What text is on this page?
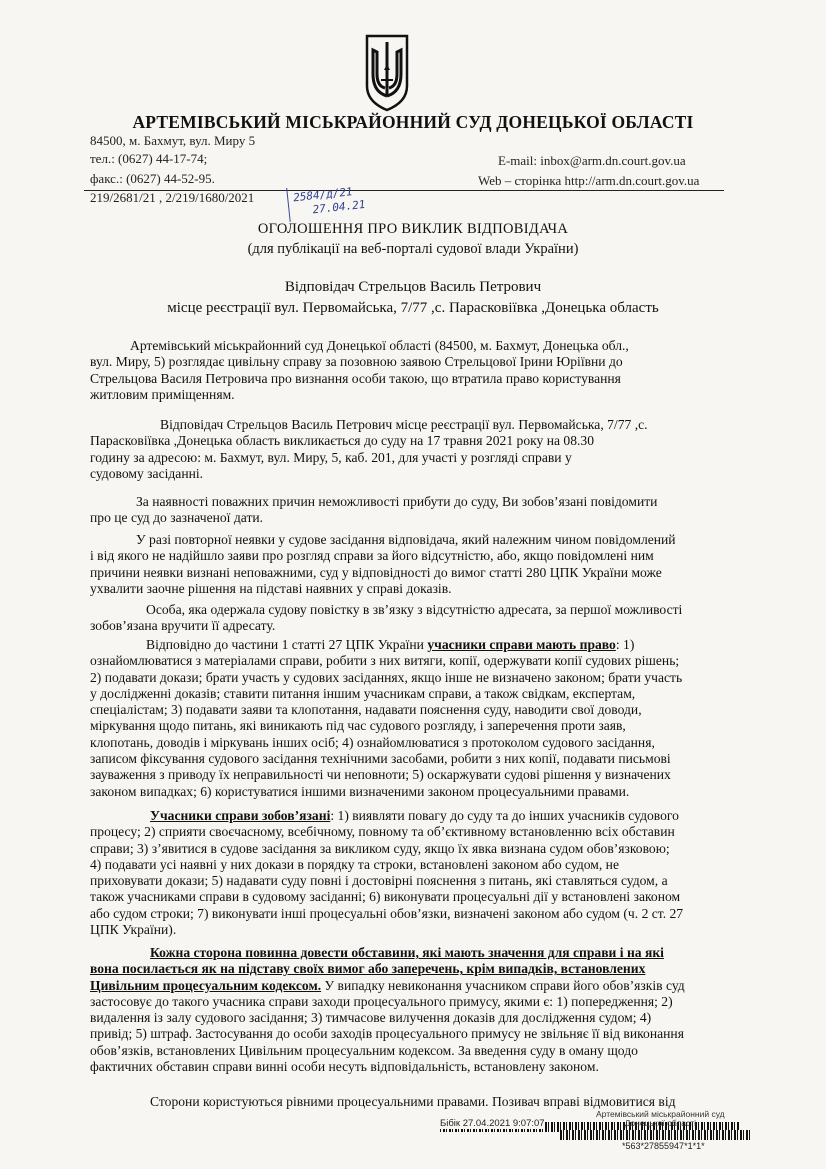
АРТЕМІВСЬКИЙ МІСЬКРАЙОННИЙ СУД ДОНЕЦЬКОЇ ОБЛАСТІ
84500, м. Бахмут, вул. Миру 5
тел.: (0627) 44-17-74;
факс.: (0627) 44-52-95.
E-mail: inbox@arm.dn.court.gov.ua
Web – сторінка http://arm.dn.court.gov.ua
219/2681/21 , 2/219/1680/2021	2584/д/21
27.04.21
ОГОЛОШЕННЯ ПРО ВИКЛИК ВІДПОВІДАЧА
(для публікації на веб-порталі судової влади України)
Відповідач Стрельцов Василь Петрович
місце реєстрації вул. Первомайська, 7/77 ,с. Парасковіївка ,Донецька область
Артемівський міськрайонний суд Донецької області (84500, м. Бахмут, Донецька обл.,
вул. Миру, 5) розглядає цивільну справу за позовною заявою Стрельцової Ірини Юріївни до
Стрельцова Василя Петровича про визнання особи такою, що втратила право користування
житловим приміщенням.
Відповідач Стрельцов Василь Петрович місце реєстрації вул. Первомайська, 7/77 ,с.
Парасковіївка ,Донецька область викликається до суду на 17 травня 2021 року на 08.30
годину за адресою: м. Бахмут, вул. Миру, 5, каб. 201, для участі у розгляді справи у
судовому засіданні.
За наявності поважних причин неможливості прибути до суду, Ви зобов’язані повідомити
про це суд до зазначеної дати.
У разі повторної неявки у судове засідання відповідача, який належним чином повідомлений
і від якого не надійшло заяви про розгляд справи за його відсутністю, або, якщо повідомлені ним
причини неявки визнані неповажними, суд у відповідності до вимог статті 280 ЦПК України може
ухвалити заочне рішення на підставі наявних у справі доказів.
Особа, яка одержала судову повістку в зв’язку з відсутністю адресата, за першої можливості
зобов’язана вручити її адресату.
Відповідно до частини 1 статті 27 ЦПК України учасники справи мають право: 1)
ознайомлюватися з матеріалами справи, робити з них витяги, копії, одержувати копії судових рішень;
2) подавати докази; брати участь у судових засіданнях, якщо інше не визначено законом; брати участь
у дослідженні доказів; ставити питання іншим учасникам справи, а також свідкам, експертам,
спеціалістам; 3) подавати заяви та клопотання, надавати пояснення суду, наводити свої доводи,
міркування щодо питань, які виникають під час судового розгляду, і заперечення проти заяв,
клопотань, доводів і міркувань інших осіб; 4) ознайомлюватися з протоколом судового засідання,
записом фіксування судового засідання технічними засобами, робити з них копії, подавати письмові
зауваження з приводу їх неправильності чи неповноти; 5) оскаржувати судові рішення у визначених
законом випадках; 6) користуватися іншими визначеними законом процесуальними правами.
Учасники справи зобов’язані: 1) виявляти повагу до суду та до інших учасників судового
процесу; 2) сприяти своєчасному, всебічному, повному та об’єктивному встановленню всіх обставин
справи; 3) з’явитися в судове засідання за викликом суду, якщо їх явка визнана судом обов’язковою;
4) подавати усі наявні у них докази в порядку та строки, встановлені законом або судом, не
приховувати докази; 5) надавати суду повні і достовірні пояснення з питань, які ставляться судом, а
також учасниками справи в судовому засіданні; 6) виконувати процесуальні дії у встановлені законом
або судом строки; 7) виконувати інші процесуальні обов’язки, визначені законом або судом (ч. 2 ст. 27
ЦПК України).
Кожна сторона повинна довести обставини, які мають значення для справи і на які
вона посилається як на підставу своїх вимог або заперечень, крім випадків, встановлених
Цивільним процесуальним кодексом. У випадку невиконання учасником справи його обов’язків суд
застосовує до такого учасника справи заходи процесуального примусу, якими є: 1) попередження; 2)
видалення із залу судового засідання; 3) тимчасове вилучення доказів для дослідження судом; 4)
привід; 5) штраф. Застосування до особи заходів процесуального примусу не звільняє її від виконання
обов’язків, встановлених Цивільним процесуальним кодексом. За введення суду в оману щодо
фактичних обставин справи винні особи несуть відповідальність, встановлену законом.
Сторони користуються рівними процесуальними правами. Позивач вправі відмовитися від
Бібік 27.04.2021 9:07:07
Артемівський міськрайонний суд
Донецької області
*563*27855947*1*1*
